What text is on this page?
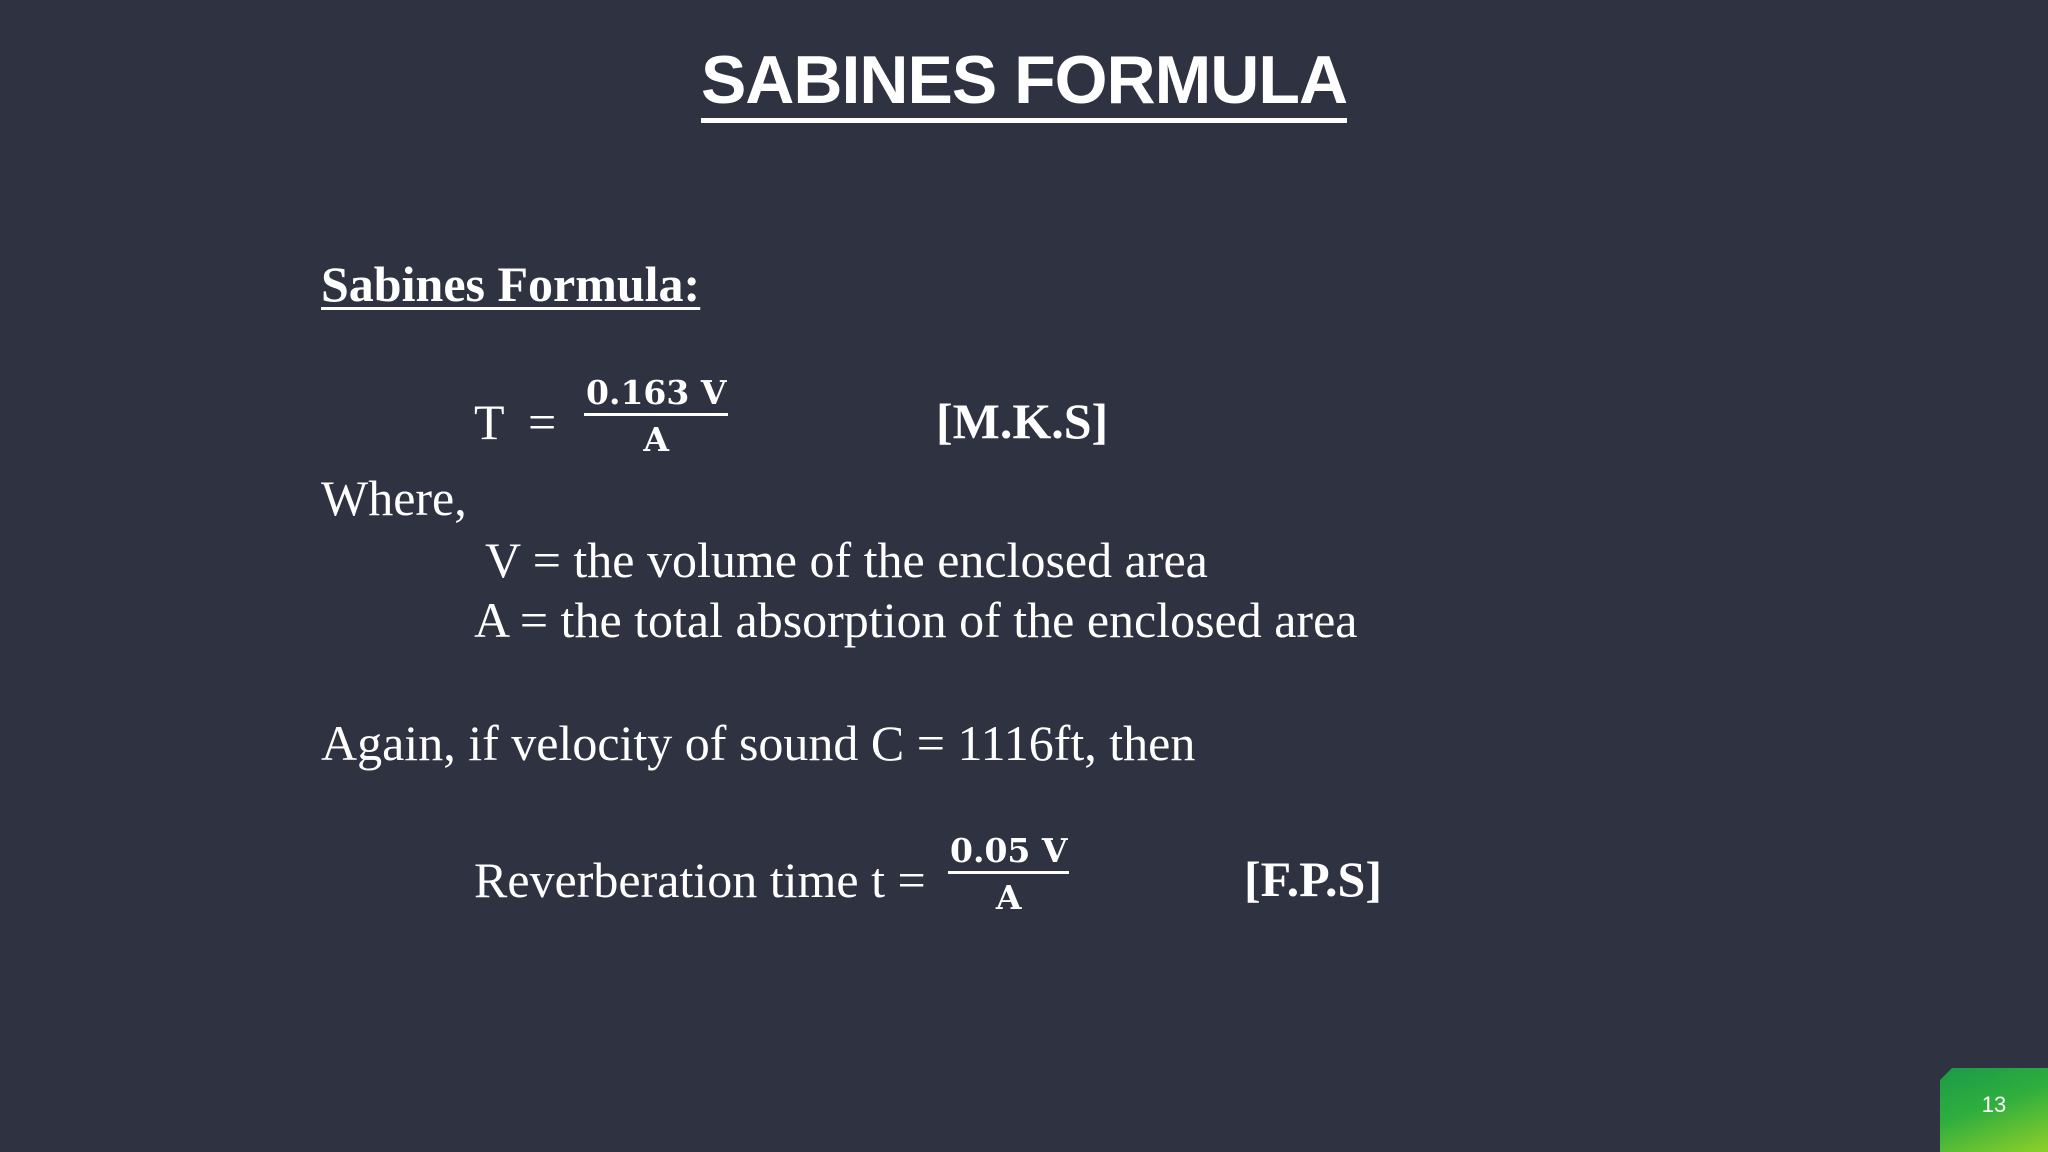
SABINES FORMULA
Sabines Formula:
$T = \frac{0.163 V}{A}$	[M.K.S]
Where,
V = the volume of the enclosed area
A = the total absorption of the enclosed area
Again, if velocity of sound C = 1116ft, then
Reverberation time $t = \frac{0.05 V}{A}$	[F.P.S]
13
